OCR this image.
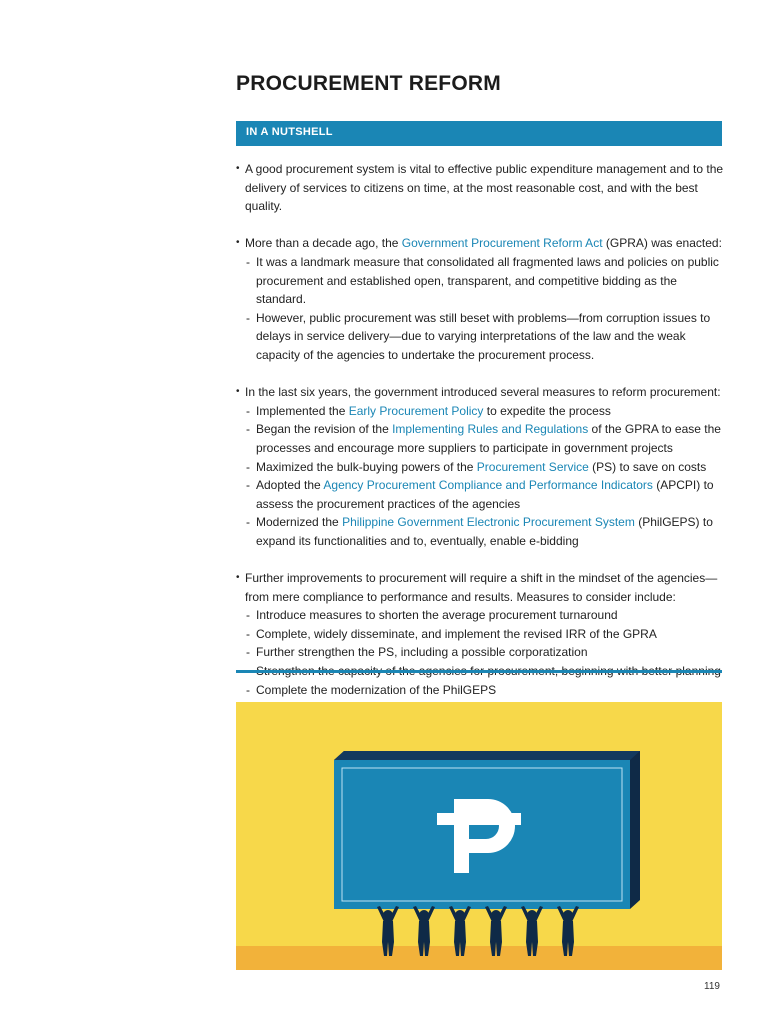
PROCUREMENT REFORM
IN A NUTSHELL
• A good procurement system is vital to effective public expenditure management and to the delivery of services to citizens on time, at the most reasonable cost, and with the best quality.
• More than a decade ago, the Government Procurement Reform Act (GPRA) was enacted:
- It was a landmark measure that consolidated all fragmented laws and policies on public procurement and established open, transparent, and competitive bidding as the standard.
- However, public procurement was still beset with problems—from corruption issues to delays in service delivery—due to varying interpretations of the law and the weak capacity of the agencies to undertake the procurement process.
• In the last six years, the government introduced several measures to reform procurement:
- Implemented the Early Procurement Policy to expedite the process
- Began the revision of the Implementing Rules and Regulations of the GPRA to ease the processes and encourage more suppliers to participate in government projects
- Maximized the bulk-buying powers of the Procurement Service (PS) to save on costs
- Adopted the Agency Procurement Compliance and Performance Indicators (APCPI) to assess the procurement practices of the agencies
- Modernized the Philippine Government Electronic Procurement System (PhilGEPS) to expand its functionalities and to, eventually, enable e-bidding
• Further improvements to procurement will require a shift in the mindset of the agencies—from mere compliance to performance and results. Measures to consider include:
- Introduce measures to shorten the average procurement turnaround
- Complete, widely disseminate, and implement the revised IRR of the GPRA
- Further strengthen the PS, including a possible corporatization
-
- Complete the modernization of the PhilGEPS
119
